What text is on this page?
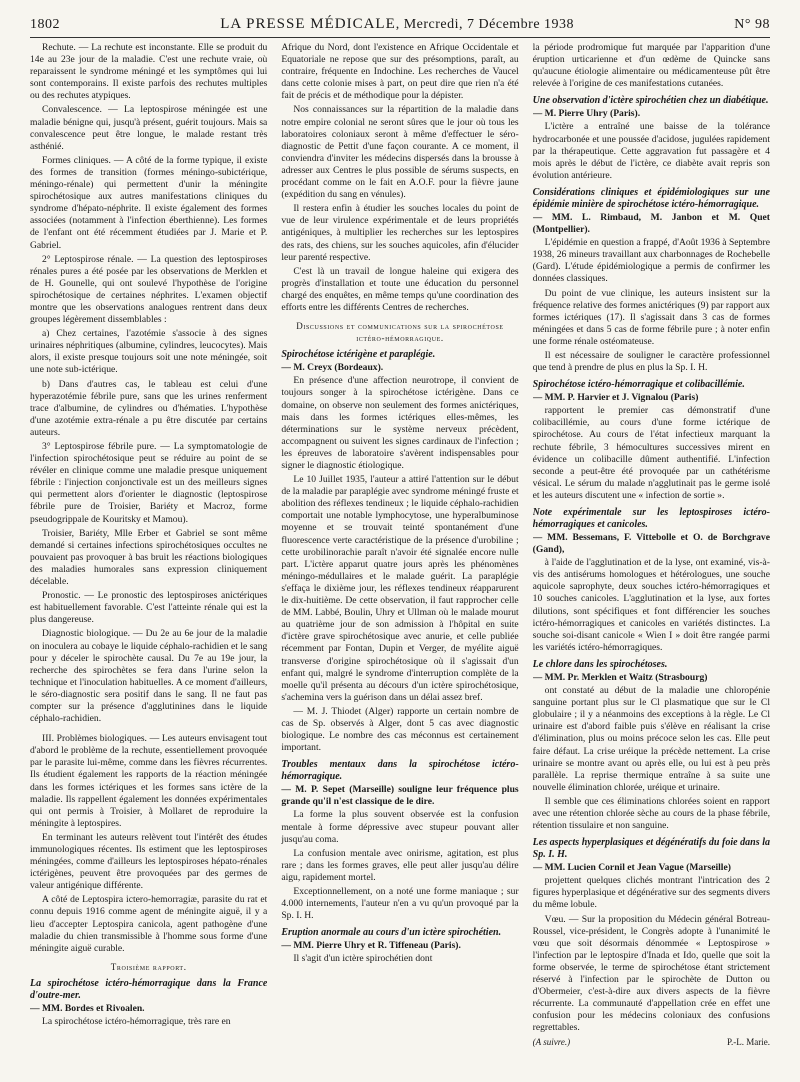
1802	LA PRESSE MÉDICALE, Mercredi, 7 Décembre 1938	N° 98

Rechute. — La rechute est inconstante. Elle se produit du 14e au 23e jour de la maladie. C'est une rechute vraie, où reparaissent le syndrome méningé et les symptômes qui lui sont contemporains. Il existe parfois des rechutes multiples ou des rechutes atypiques.

Convalescence. — La leptospirose méningée est une maladie bénigne qui, jusqu'à présent, guérit toujours. Mais sa convalescence peut être longue, le malade restant très asthénié.

Formes cliniques. — A côté de la forme typique, il existe des formes de transition (formes méningo-subictérique, méningo-rénale) qui permettent d'unir la méningite spirochétosique aux autres manifestations cliniques du syndrome d'hépato-néphrite. Il existe également des formes associées (notamment à l'infection éberthienne). Les formes de l'enfant ont été récemment étudiées par J. Marie et P. Gabriel.

2° Leptospirose rénale. — La question des leptospiroses rénales pures a été posée par les observations de Merklen et de H. Gounelle, qui ont soulevé l'hypothèse de l'origine spirochétosique de certaines néphrites. L'examen objectif montre que les observations analogues rentrent dans deux groupes légèrement dissemblables :

a) Chez certaines, l'azotémie s'associe à des signes urinaires néphritiques (albumine, cylindres, leucocytes). Mais alors, il existe presque toujours soit une note méningée, soit une note sub-ictérique.

b) Dans d'autres cas, le tableau est celui d'une hyperazotémie fébrile pure, sans que les urines renferment trace d'albumine, de cylindres ou d'hématies. L'hypothèse d'une azotémie extra-rénale a pu être discutée par certains auteurs.

3° Leptospirose fébrile pure. — La symptomatologie de l'infection spirochétosique peut se réduire au point de se révéler en clinique comme une maladie presque uniquement fébrile : l'injection conjonctivale est un des meilleurs signes qui permettent alors d'orienter le diagnostic (leptospirose fébrile pure de Troisier, Bariéty et Macroz, forme pseudogrippale de Kouritsky et Mamou).

Troisier, Bariéty, Mlle Erber et Gabriel se sont même demandé si certaines infections spirochétosiques occultes ne pouvaient pas provoquer à bas bruit les réactions biologiques des maladies humorales sans expression cliniquement décelable.

Pronostic. — Le pronostic des leptospiroses anictériques est habituellement favorable. C'est l'atteinte rénale qui est la plus dangereuse.

Diagnostic biologique. — Du 2e au 6e jour de la maladie on inoculera au cobaye le liquide céphalo-rachidien et le sang pour y déceler le spirochète causal. Du 7e au 19e jour, la recherche des spirochètes se fera dans l'urine selon la technique et l'inoculation habituelles. A ce moment d'ailleurs, le séro-diagnostic sera positif dans le sang. Il ne faut pas compter sur la présence d'agglutinines dans le liquide céphalo-rachidien.

III. Problèmes biologiques. — Les auteurs envisagent tout d'abord le problème de la rechute, essentiellement provoquée par le parasite lui-même, comme dans les fièvres récurrentes. Ils étudient également les rapports de la réaction méningée dans les formes ictériques et les formes sans ictère de la maladie. Ils rappellent également les données expérimentales qui ont permis à Troisier, à Mollaret de reproduire la méningite à leptospires.

En terminant les auteurs relèvent tout l'intérêt des études immunologiques récentes. Ils estiment que les leptospiroses méningées, comme d'ailleurs les leptospiroses hépato-rénales ictérigènes, peuvent être provoquées par des germes de valeur antigénique différente.

A côté de Leptospira ictero-hemorragiæ, parasite du rat et connu depuis 1916 comme agent de méningite aiguë, il y a lieu d'accepter Leptospira canicola, agent pathogène d'une maladie du chien transmissible à l'homme sous forme d'une méningite aiguë curable.

Troisième rapport.
La spirochétose ictéro-hémorragique dans la France d'outre-mer.
— MM. Bordes et Rivoalen.

La spirochétose ictéro-hémorragique, très rare en

Afrique du Nord, dont l'existence en Afrique Occidentale et Equatoriale ne repose que sur des présomptions, paraît, au contraire, fréquente en Indochine. Les recherches de Vaucel dans cette colonie mises à part, on peut dire que rien n'a été fait de précis et de méthodique pour la dépister.

Nos connaissances sur la répartition de la maladie dans notre empire colonial ne seront sûres que le jour où tous les laboratoires coloniaux seront à même d'effectuer le séro-diagnostic de Pettit d'une façon courante. A ce moment, il conviendra d'inviter les médecins dispersés dans la brousse à adresser aux Centres le plus possible de sérums suspects, en procédant comme on le fait en A.O.F. pour la fièvre jaune (expédition du sang en vénules).

Il restera enfin à étudier les souches locales du point de vue de leur virulence expérimentale et de leurs propriétés antigéniques, à multiplier les recherches sur les leptospires des rats, des chiens, sur les souches aquicoles, afin d'élucider leur parenté respective.

C'est là un travail de longue haleine qui exigera des progrès d'installation et toute une éducation du personnel chargé des enquêtes, en même temps qu'une coordination des efforts entre les différents Centres de recherches.

Discussions et communications sur la spirochétose ictéro-hémorragique.
Spirochétose ictérigène et paraplégie.
— M. Creyx (Bordeaux).

En présence d'une affection neurotrope, il convient de toujours songer à la spirochétose ictérigène. Dans ce domaine, on observe non seulement des formes anictériques, mais dans les formes ictériques elles-mêmes, les déterminations sur le système nerveux précèdent, accompagnent ou suivent les signes cardinaux de l'infection ; les épreuves de laboratoire s'avèrent indispensables pour signer le diagnostic étiologique.

Le 10 Juillet 1935, l'auteur a attiré l'attention sur le début de la maladie par paraplégie avec syndrome méningé fruste et abolition des réflexes tendineux ; le liquide céphalo-rachidien comportait une notable lymphocytose, une hyperalbuminose moyenne et se trouvait teinté spontanément d'une fluorescence verte caractéristique de la présence d'urobiline ; cette urobilinorachie paraît n'avoir été signalée encore nulle part. L'ictère apparut quatre jours après les phénomènes méningo-médullaires et le malade guérit. La paraplégie s'effaça le dixième jour, les réflexes tendineux réapparurent le dix-huitième. De cette observation, il faut rapprocher celle de MM. Labbé, Boulin, Uhry et Ullman où le malade mourut au quatrième jour de son admission à l'hôpital en suite d'ictère grave spirochétosique avec anurie, et celle publiée récemment par Fontan, Dupin et Verger, de myélite aiguë transverse d'origine spirochétosique où il s'agissait d'un enfant qui, malgré le syndrome d'interruption complète de la moelle qu'il présenta au décours d'un ictère spirochétosique, s'achemina vers la guérison dans un délai assez bref.

— M. J. Thiodet (Alger) rapporte un certain nombre de cas de Sp. observés à Alger, dont 5 cas avec diagnostic biologique. Le nombre des cas méconnus est certainement important.

Troubles mentaux dans la spirochétose ictéro-hémorragique.
— M. P. Sepet (Marseille) souligne leur fréquence plus grande qu'il n'est classique de le dire.

La forme la plus souvent observée est la confusion mentale à forme dépressive avec stupeur pouvant aller jusqu'au coma.

La confusion mentale avec onirisme, agitation, est plus rare ; dans les formes graves, elle peut aller jusqu'au délire aigu, rapidement mortel.

Exceptionnellement, on a noté une forme maniaque ; sur 4.000 internements, l'auteur n'en a vu qu'un provoqué par la Sp. I. H.

Eruption anormale au cours d'un ictère spirochétien.
— MM. Pierre Uhry et R. Tiffeneau (Paris).

Il s'agit d'un ictère spirochétien dont

la période prodromique fut marquée par l'apparition d'une éruption urticarienne et d'un œdème de Quincke sans qu'aucune étiologie alimentaire ou médicamenteuse pût être relevée à l'origine de ces manifestations cutanées.

Une observation d'ictère spirochétien chez un diabétique.
— M. Pierre Uhry (Paris).

L'ictère a entraîné une baisse de la tolérance hydrocarbonée et une poussée d'acidose, jugulées rapidement par la thérapeutique. Cette aggravation fut passagère et 4 mois après le début de l'ictère, ce diabète avait repris son évolution antérieure.

Considérations cliniques et épidémiologiques sur une épidémie minière de spirochétose ictéro-hémorragique.
— MM. L. Rimbaud, M. Janbon et M. Quet (Montpellier).

L'épidémie en question a frappé, d'Août 1936 à Septembre 1938, 26 mineurs travaillant aux charbonnages de Rochebelle (Gard). L'étude épidémiologique a permis de confirmer les données classiques.

Du point de vue clinique, les auteurs insistent sur la fréquence relative des formes anictériques (9) par rapport aux formes ictériques (17). Il s'agissait dans 3 cas de formes méningées et dans 5 cas de forme fébrile pure ; à noter enfin une forme rénale ostéomateuse.

Il est nécessaire de souligner le caractère professionnel que tend à prendre de plus en plus la Sp. I. H.

Spirochétose ictéro-hémorragique et colibacillémie.
— MM. P. Harvier et J. Vignalou (Paris)

rapportent le premier cas démonstratif d'une colibacillémie, au cours d'une forme ictérique de spirochétose. Au cours de l'état infectieux marquant la rechute fébrile, 3 hémocultures successives mirent en évidence un colibacille dûment authentifié. L'infection seconde a peut-être été provoquée par un cathétérisme vésical. Le sérum du malade n'agglutinait pas le germe isolé et les auteurs discutent une « infection de sortie ».

Note expérimentale sur les leptospiroses ictéro-hémorragiques et canicoles.
— MM. Bessemans, F. Vittebolle et O. de Borchgrave (Gand),

à l'aide de l'agglutination et de la lyse, ont examiné, vis-à-vis des antisérums homologues et hétérologues, une souche aquicole saprophyte, deux souches ictéro-hémorragiques et 10 souches canicoles. L'agglutination et la lyse, aux fortes dilutions, sont spécifiques et font différencier les souches ictéro-hémorragiques et canicoles en variétés distinctes. La souche soi-disant canicole « Wien I » doit être rangée parmi les variétés ictéro-hémorragiques.

Le chlore dans les spirochétoses.
— MM. Pr. Merklen et Waitz (Strasbourg)

ont constaté au début de la maladie une chloropénie sanguine portant plus sur le Cl plasmatique que sur le Cl globulaire ; il y a néanmoins des exceptions à la règle. Le Cl urinaire est d'abord faible puis s'élève en réalisant la crise d'élimination, plus ou moins précoce selon les cas. Elle peut faire défaut. La crise uréique la précède nettement. La crise urinaire se montre avant ou après elle, ou lui est à peu près parallèle. La reprise thermique entraîne à sa suite une nouvelle élimination chlorée, uréique et urinaire.

Il semble que ces éliminations chlorées soient en rapport avec une rétention chlorée sèche au cours de la phase fébrile, rétention tissulaire et non sanguine.

Les aspects hyperplasiques et dégénératifs du foie dans la Sp. I. H.
— MM. Lucien Cornil et Jean Vague (Marseille)

projettent quelques clichés montrant l'intrication des 2 figures hyperplasique et dégénérative sur des segments divers du même lobule.

Vœu. — Sur la proposition du Médecin général Botreau-Roussel, vice-président, le Congrès adopte à l'unanimité le vœu que soit désormais dénommée « Leptospirose » l'infection par le leptospire d'Inada et Ido, quelle que soit la forme observée, le terme de spirochétose étant strictement réservé à l'infection par le spirochète de Dutton ou d'Obermeier, c'est-à-dire aux divers aspects de la fièvre récurrente. La communauté d'appellation crée en effet une confusion pour les médecins coloniaux des confusions regrettables.

(A suivre.)	P.-L. Marie.
